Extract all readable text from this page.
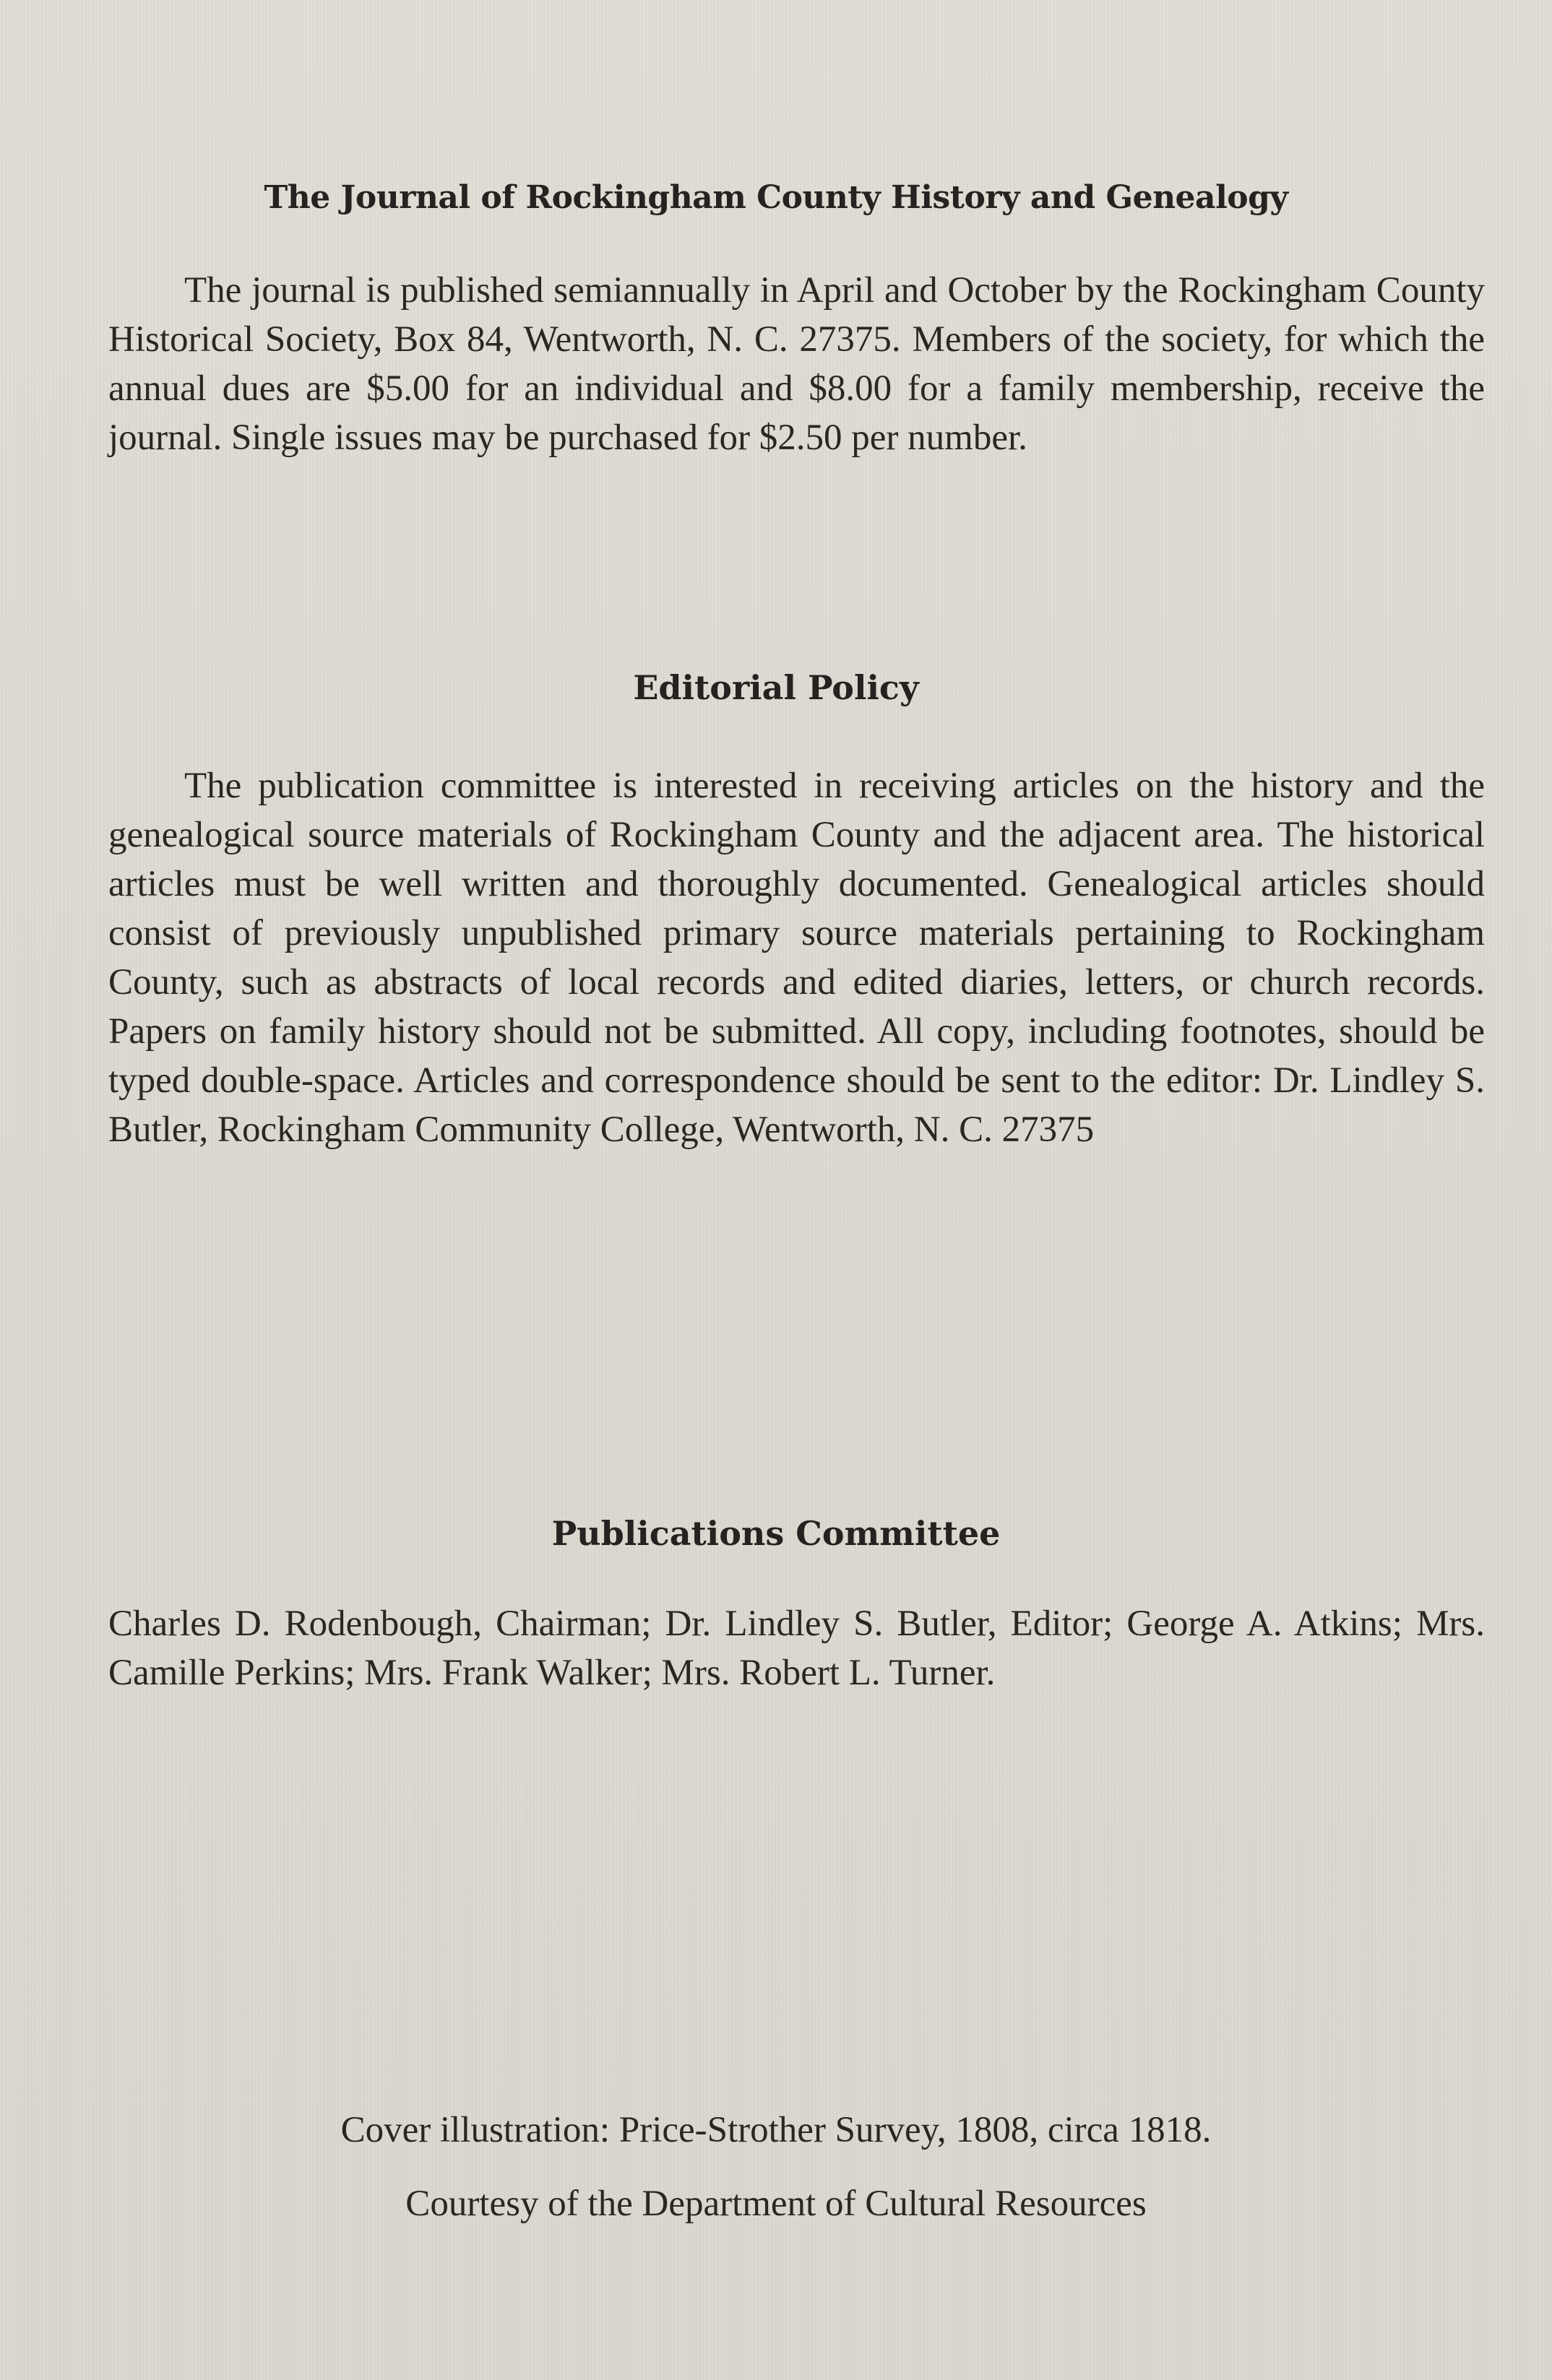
The Journal of Rockingham County History and Genealogy

The journal is published semiannually in April and October by the Rockingham County Historical Society, Box 84, Wentworth, N. C. 27375. Members of the society, for which the annual dues are $5.00 for an individual and $8.00 for a family membership, receive the journal. Single issues may be purchased for $2.50 per number.

Editorial Policy

The publication committee is interested in receiving articles on the history and the genealogical source materials of Rockingham County and the adjacent area. The historical articles must be well written and thoroughly documented. Genealogical articles should consist of previously unpublished primary source materials pertaining to Rockingham County, such as abstracts of local records and edited diaries, letters, or church records. Papers on family history should not be submitted. All copy, including footnotes, should be typed double-space. Articles and correspondence should be sent to the editor: Dr. Lindley S. Butler, Rockingham Community College, Wentworth, N. C. 27375

Publications Committee

Charles D. Rodenbough, Chairman; Dr. Lindley S. Butler, Editor; George A. Atkins; Mrs. Camille Perkins; Mrs. Frank Walker; Mrs. Robert L. Turner.

Cover illustration: Price-Strother Survey, 1808, circa 1818.

Courtesy of the Department of Cultural Resources
